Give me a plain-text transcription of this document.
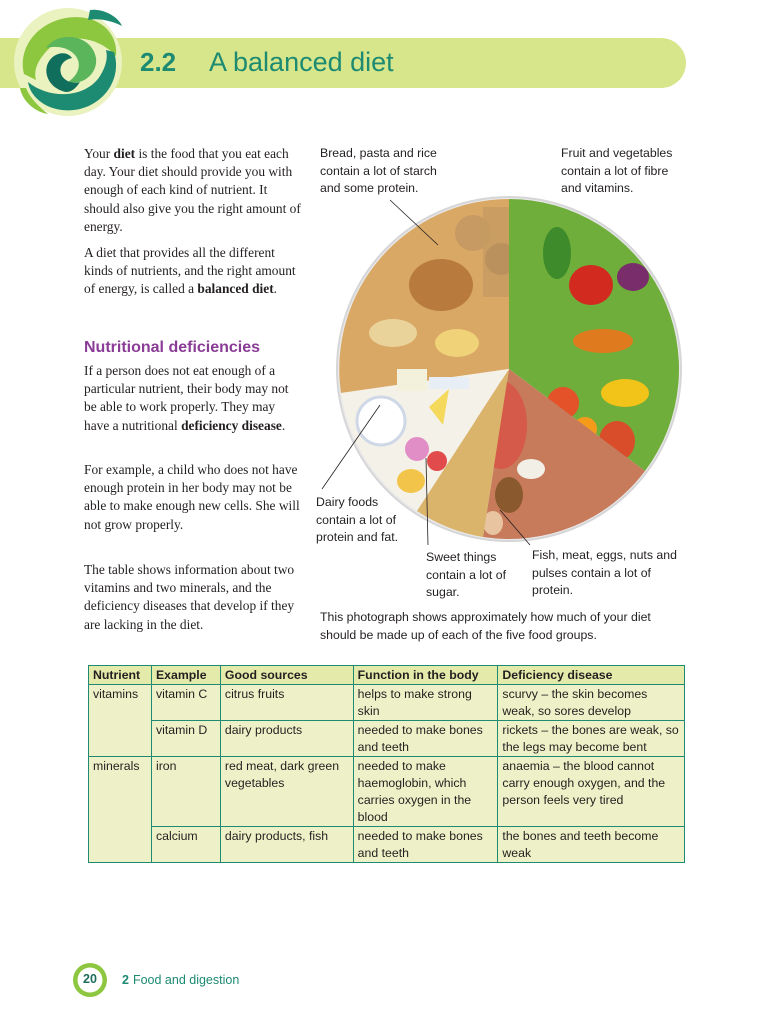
2.2 A balanced diet

Your diet is the food that you eat each day. Your diet should provide you with enough of each kind of nutrient. It should also give you the right amount of energy.

A diet that provides all the different kinds of nutrients, and the right amount of energy, is called a balanced diet.

Nutritional deficiencies

If a person does not eat enough of a particular nutrient, their body may not be able to work properly. They may have a nutritional deficiency disease.

For example, a child who does not have enough protein in her body may not be able to make enough new cells. She will not grow properly.

The table shows information about two vitamins and two minerals, and the deficiency diseases that develop if they are lacking in the diet.

Bread, pasta and rice contain a lot of starch and some protein.

Fruit and vegetables contain a lot of fibre and vitamins.

Dairy foods contain a lot of protein and fat.

Sweet things contain a lot of sugar.

Fish, meat, eggs, nuts and pulses contain a lot of protein.

This photograph shows approximately how much of your diet should be made up of each of the five food groups.

Nutrient	Example	Good sources	Function in the body	Deficiency disease
vitamins	vitamin C	citrus fruits	helps to make strong skin	scurvy – the skin becomes weak, so sores develop
	vitamin D	dairy products	needed to make bones and teeth	rickets – the bones are weak, so the legs may become bent
minerals	iron	red meat, dark green vegetables	needed to make haemoglobin, which carries oxygen in the blood	anaemia – the blood cannot carry enough oxygen, and the person feels very tired
	calcium	dairy products, fish	needed to make bones and teeth	the bones and teeth become weak
20	2 Food and digestion
